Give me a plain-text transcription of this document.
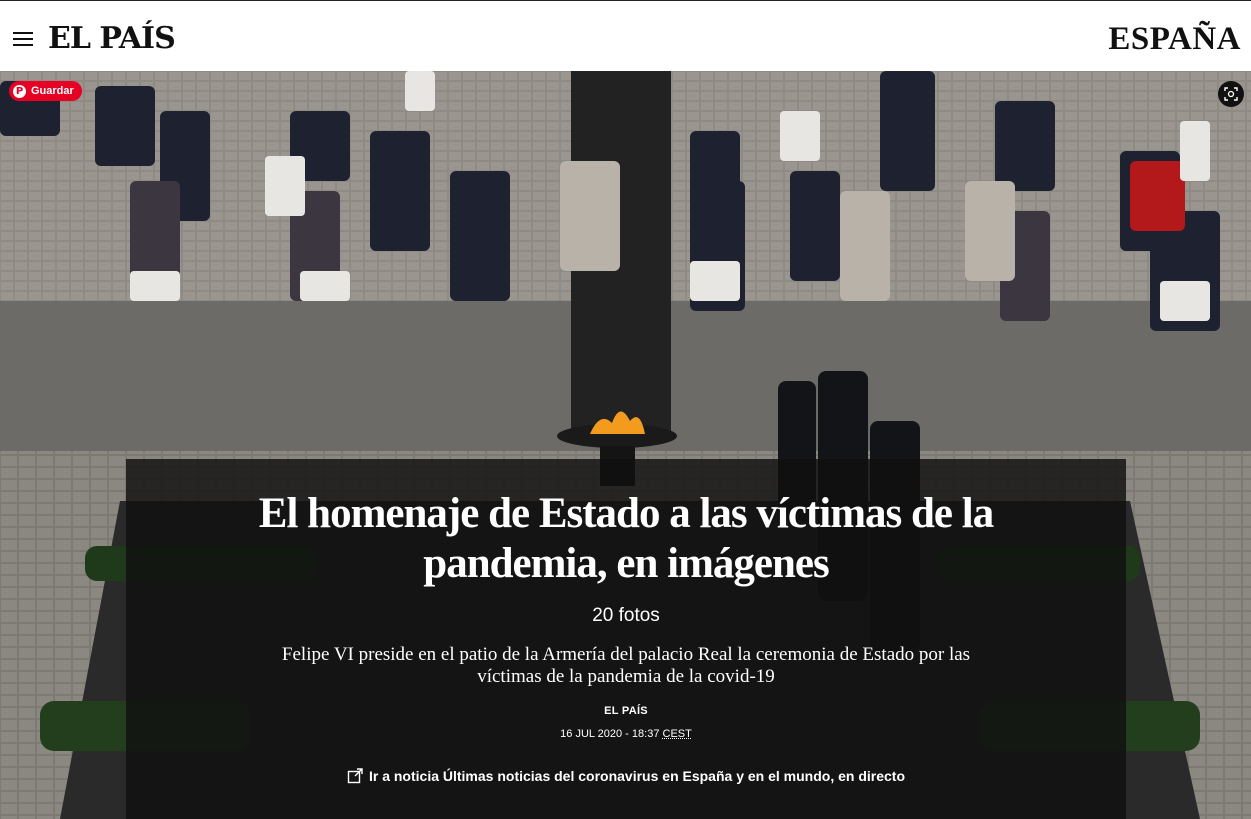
EL PAÍS	ESPAÑA
P Guardar
El homenaje de Estado a las víctimas de la pandemia, en imágenes
20 fotos

Felipe VI preside en el patio de la Armería del palacio Real la ceremonia de Estado por las víctimas de la pandemia de la covid-19

EL PAÍS
16 JUL 2020 - 18:37 CEST
Ir a noticia Últimas noticias del coronavirus en España y en el mundo, en directo
